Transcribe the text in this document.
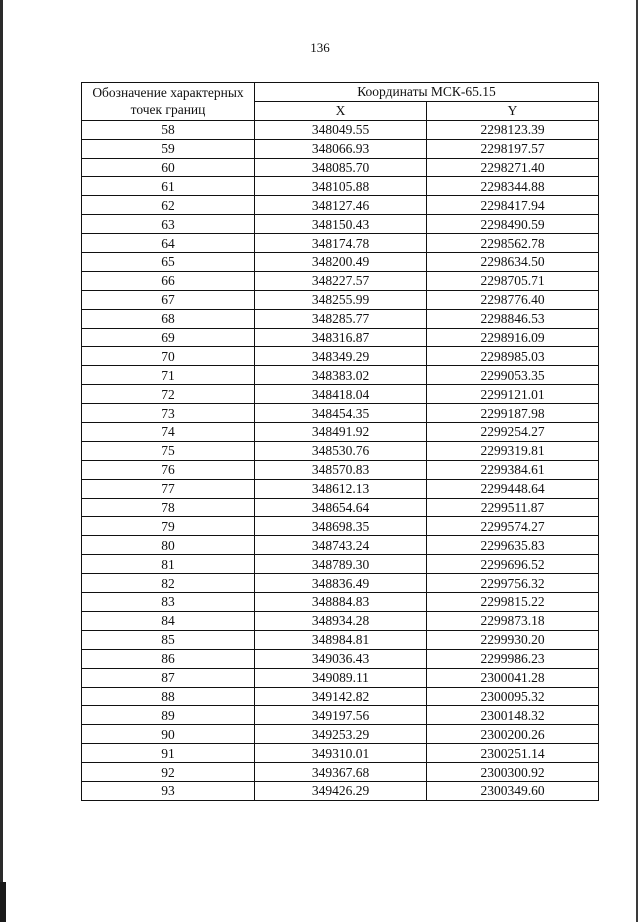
136
Обозначение характерных
точек границ	Координаты МСК-65.15	
	X	Y
58	348049.55	2298123.39
59	348066.93	2298197.57
60	348085.70	2298271.40
61	348105.88	2298344.88
62	348127.46	2298417.94
63	348150.43	2298490.59
64	348174.78	2298562.78
65	348200.49	2298634.50
66	348227.57	2298705.71
67	348255.99	2298776.40
68	348285.77	2298846.53
69	348316.87	2298916.09
70	348349.29	2298985.03
71	348383.02	2299053.35
72	348418.04	2299121.01
73	348454.35	2299187.98
74	348491.92	2299254.27
75	348530.76	2299319.81
76	348570.83	2299384.61
77	348612.13	2299448.64
78	348654.64	2299511.87
79	348698.35	2299574.27
80	348743.24	2299635.83
81	348789.30	2299696.52
82	348836.49	2299756.32
83	348884.83	2299815.22
84	348934.28	2299873.18
85	348984.81	2299930.20
86	349036.43	2299986.23
87	349089.11	2300041.28
88	349142.82	2300095.32
89	349197.56	2300148.32
90	349253.29	2300200.26
91	349310.01	2300251.14
92	349367.68	2300300.92
93	349426.29	2300349.60
